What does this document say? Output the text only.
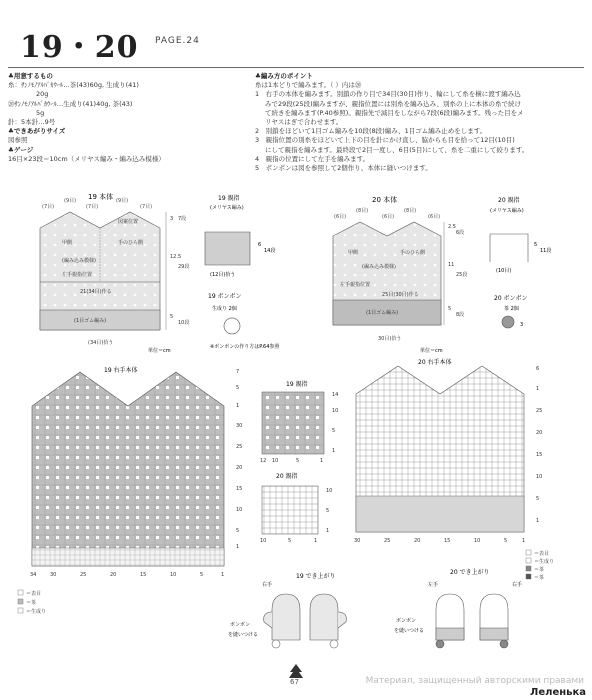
19・20 PAGE.24
♣用意するもの
糸：ｻﾝﾉﾓﾉｱﾙﾊﾟｶｳｰﾙ…茶(43)60g, 生成り(41)
20g
⑳ｻﾝﾉﾓﾉｱﾙﾊﾟｶｳｰﾙ…生成り(41)40g, 茶(43)
5g
針：5本針…9号
♣できあがりサイズ
図参照
♣ゲージ
16目×23段＝10cm（メリヤス編み・編み込み模様）
♣編み方のポイント
糸は1本どりで編みます。（ ）内は⑳
1　 右手の本体を編みます。別鎖の作り目で34目(30目)作り、輪にして糸を横に渡す編み込
みで29段(25段)編みますが、親指位置には別糸を編み込み、別糸の上に本体の糸で続け
て続きを編みます(P.40参照)。親指先で減目をしながら7段(6段)編みます。残った目をメ
リヤスはぎで合わせます。
2　 別鎖をほどいて1目ゴム編みを10段(8段)編み、1目ゴム編み止めをします。
3　 親指位置の別糸をほどいて上下の目を針にかけ直し、脇からも目を拾って12目(10目)
にして親指を編みます。最終段で2目一度し、6目(5目)にして、糸を二重にして絞ります。
4　 親指の位置にして左手を編みます。
5　 ボンボンは図を参照して2個作り、本体に縫いつけます。
19 本体
(7目)
(9目)
(7目)
(9目)
(7目)
甲側	手のひら側
図案位置
(編み込み模様)
左手親指位置
21(34目)作る
(1目ゴム編み)
(34目)拾う
3 7段
12.5
29段
5
10段
19 親指
(メリヤス編み)
6
14段
(12目)拾う
19 ボンボン
生成り 2個
※ボンボンの作り方はP.64参照
20 本体
(6目)
(8目)
(6目)
(8目)
(6目)
甲側	手のひら側
(編み込み模様)
左手親指位置
25目(30目)作る
(1目ゴム編み)
30目)拾う
2.5
6段
11
25段
5
8段
20 親指
(メリヤス編み)
5
11段
(10目)
20 ボンボン
茶 2個
3
単位＝cm	単位＝cm
19 右手本体	7
5
1
30
25
20
15
10
5
1
34	30	25	20	15	10	5	1
19 親指
14
10
5
1
12 10	5	1
20 親指
10
5
1
10	5	1
20 右手本体
6
1
25
20
15
10
5
1
30	25	20	15	10	5	1
＝表目
＝茶
＝生成り
＝表目
＝生成り
＝茶
＝茶
19 でき上がり
右手
ボンボン
を縫いつける
20 でき上がり
左手	右手
ボンボン
を縫いつける
67	Материал, защищенный авторскими правами
Леленька
